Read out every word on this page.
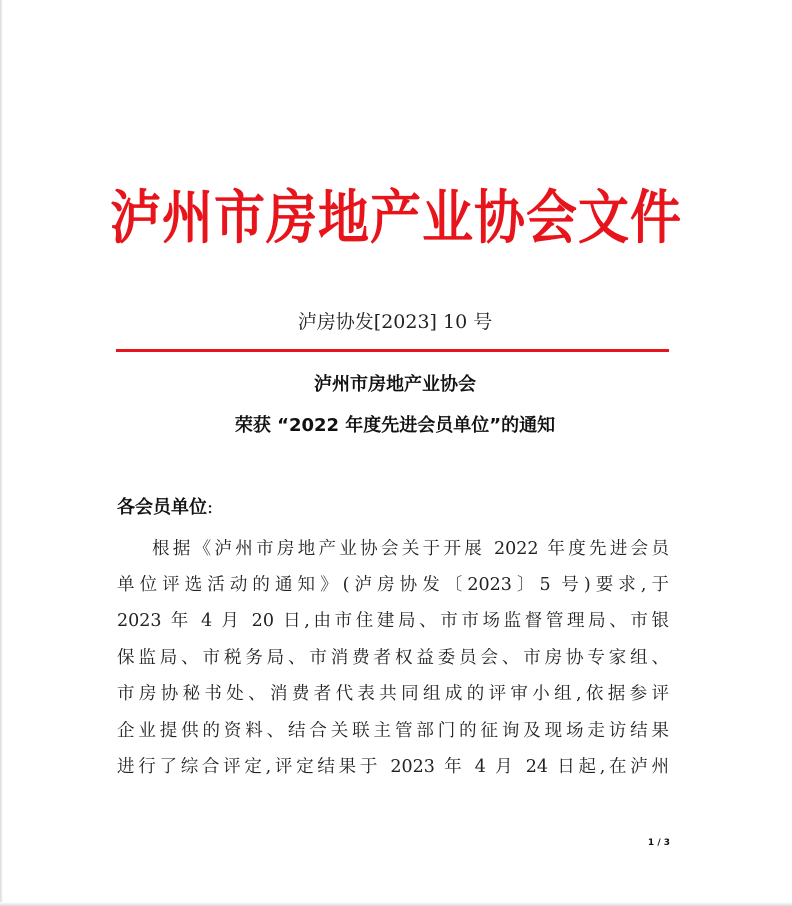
泸州市房地产业协会文件
泸房协发[2023] 10 号
泸州市房地产业协会
荣获 “2022 年度先进会员单位”的通知
各会员单位:
根据《泸州市房地产业协会关于开展 2022 年度先进会员
单位评选活动的通知》(泸房协发〔2023〕5 号)要求,于
2023 年 4 月 20 日,由市住建局、市市场监督管理局、市银
保监局、市税务局、市消费者权益委员会、市房协专家组、
市房协秘书处、消费者代表共同组成的评审小组,依据参评
企业提供的资料、结合关联主管部门的征询及现场走访结果
进行了综合评定,评定结果于 2023 年 4 月 24 日起,在泸州
1 / 3
